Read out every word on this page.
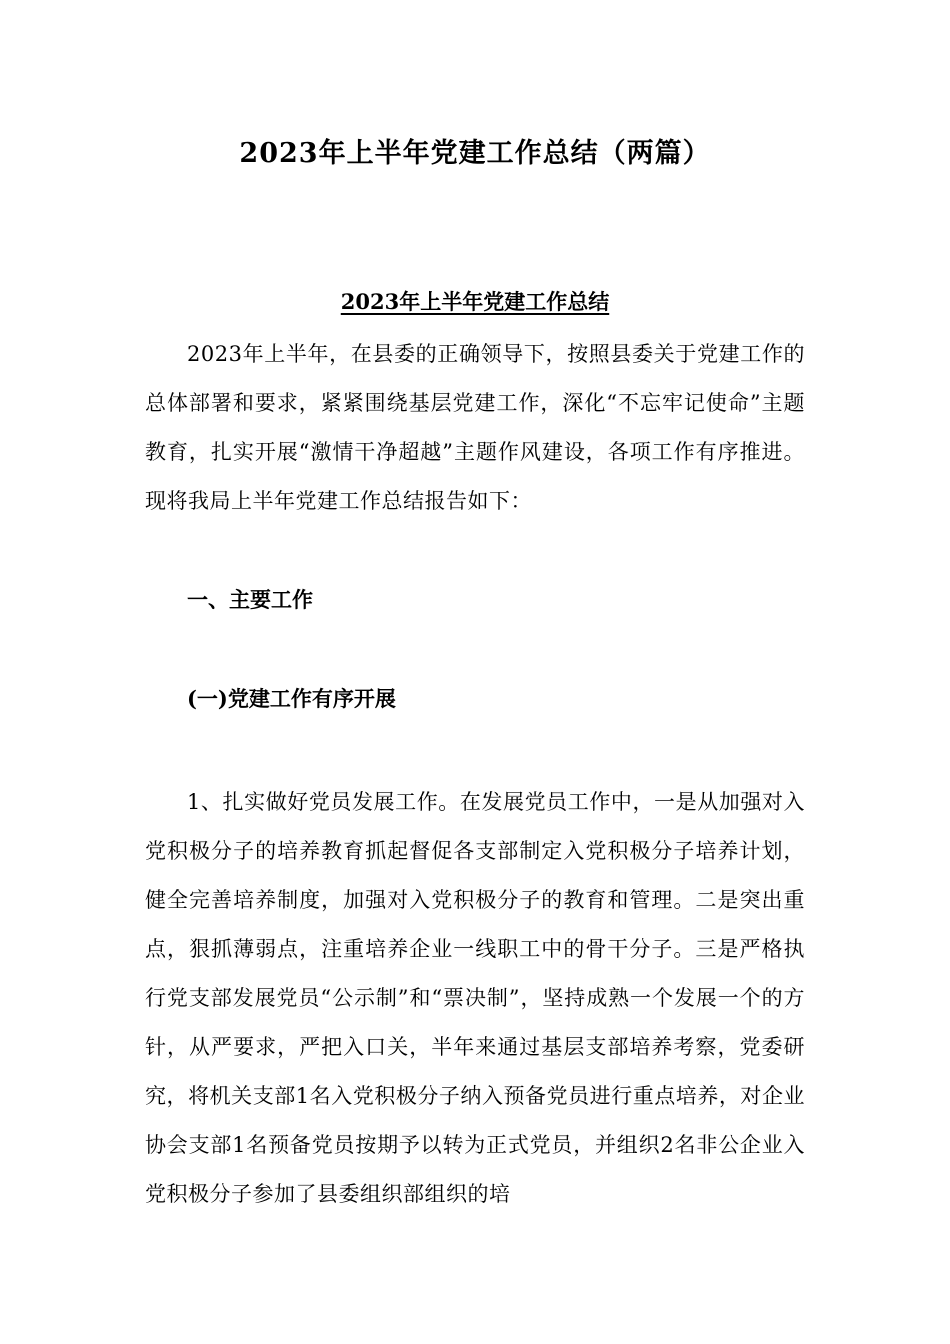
2023年上半年党建工作总结（两篇）
2023年上半年党建工作总结
2023年上半年，在县委的正确领导下，按照县委关于党建工作的总体部署和要求，紧紧围绕基层党建工作，深化“不忘牢记使命”主题教育，扎实开展“激情干净超越”主题作风建设，各项工作有序推进。现将我局上半年党建工作总结报告如下：
一、主要工作
(一)党建工作有序开展
1、扎实做好党员发展工作。在发展党员工作中，一是从加强对入党积极分子的培养教育抓起督促各支部制定入党积极分子培养计划，健全完善培养制度，加强对入党积极分子的教育和管理。二是突出重点，狠抓薄弱点，注重培养企业一线职工中的骨干分子。三是严格执行党支部发展党员“公示制”和“票决制”，坚持成熟一个发展一个的方针，从严要求，严把入口关，半年来通过基层支部培养考察，党委研究，将机关支部1名入党积极分子纳入预备党员进行重点培养，对企业协会支部1名预备党员按期予以转为正式党员，并组织2名非公企业入党积极分子参加了县委组织部组织的培
